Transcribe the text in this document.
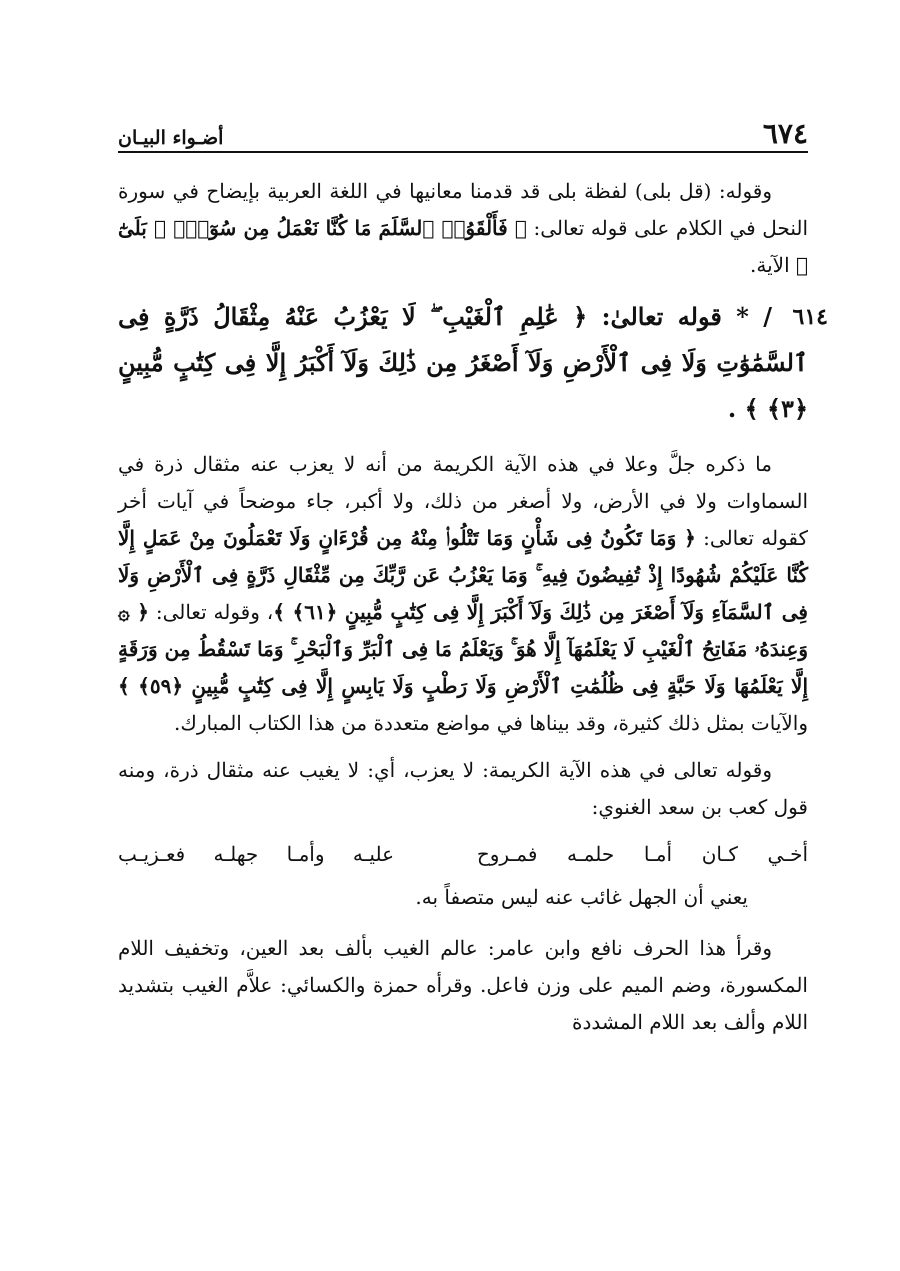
٦٧٤
أضـواء البيـان

وقوله: (قل بلى) لفظة بلى قد قدمنا معانيها في اللغة العربية بإيضاح في سورة النحل في الكلام على قوله تعالى: ﴿ فَأَلْقَوُا۟ ٱلسَّلَمَ مَا كُنَّا نَعْمَلُ مِن سُوٓءٍۭ ۚ بَلَىٰٓ ﴾ الآية.

٦١٤
/ * قوله تعالىٰ: ﴿ عَٰلِمِ ٱلْغَيْبِ ۖ لَا يَعْزُبُ عَنْهُ مِثْقَالُ ذَرَّةٍ فِى ٱلسَّمَٰوَٰتِ وَلَا فِى ٱلْأَرْضِ وَلَآ أَصْغَرُ مِن ذَٰلِكَ وَلَآ أَكْبَرُ إِلَّا فِى كِتَٰبٍ مُّبِينٍ ﴿٣﴾ ﴾ .

ما ذكره جلَّ وعلا في هذه الآية الكريمة من أنه لا يعزب عنه مثقال ذرة في السماوات ولا في الأرض، ولا أصغر من ذلك، ولا أكبر، جاء موضحاً في آيات أخر كقوله تعالى: ﴿ وَمَا تَكُونُ فِى شَأْنٍ وَمَا تَتْلُوا۟ مِنْهُ مِن قُرْءَانٍ وَلَا تَعْمَلُونَ مِنْ عَمَلٍ إِلَّا كُنَّا عَلَيْكُمْ شُهُودًا إِذْ تُفِيضُونَ فِيهِ ۚ وَمَا يَعْزُبُ عَن رَّبِّكَ مِن مِّثْقَالِ ذَرَّةٍ فِى ٱلْأَرْضِ وَلَا فِى ٱلسَّمَآءِ وَلَآ أَصْغَرَ مِن ذَٰلِكَ وَلَآ أَكْبَرَ إِلَّا فِى كِتَٰبٍ مُّبِينٍ ﴿٦١﴾ ﴾، وقوله تعالى: ﴿ ۞ وَعِندَهُۥ مَفَاتِحُ ٱلْغَيْبِ لَا يَعْلَمُهَآ إِلَّا هُوَ ۚ وَيَعْلَمُ مَا فِى ٱلْبَرِّ وَٱلْبَحْرِ ۚ وَمَا تَسْقُطُ مِن وَرَقَةٍ إِلَّا يَعْلَمُهَا وَلَا حَبَّةٍ فِى ظُلُمَٰتِ ٱلْأَرْضِ وَلَا رَطْبٍ وَلَا يَابِسٍ إِلَّا فِى كِتَٰبٍ مُّبِينٍ ﴿٥٩﴾ ﴾ والآيات بمثل ذلك كثيرة، وقد بيناها في مواضع متعددة من هذا الكتاب المبارك.

وقوله تعالى في هذه الآية الكريمة: لا يعزب، أي: لا يغيب عنه مثقال ذرة، ومنه قول كعب بن سعد الغنوي:

أخـي كـان أمـا حلمـه فمـروح
عليـه وأمـا جهلـه فعـزيـب

يعني أن الجهل غائب عنه ليس متصفاً به.

وقرأ هذا الحرف نافع وابن عامر: عالم الغيب بألف بعد العين، وتخفيف اللام المكسورة، وضم الميم على وزن فاعل. وقرأه حمزة والكسائي: علاَّم الغيب بتشديد اللام وألف بعد اللام المشددة
